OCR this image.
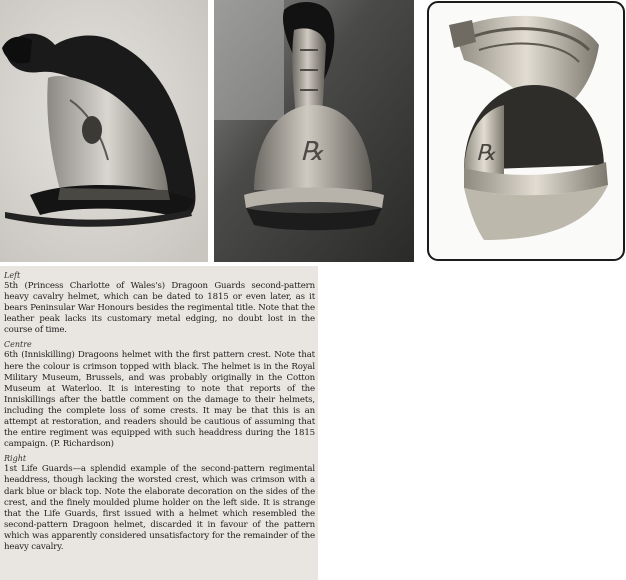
℞	℞
Left

5th (Princess Charlotte of Wales's) Dragoon Guards second-pattern heavy cavalry helmet, which can be dated to 1815 or even later, as it bears Peninsular War Honours besides the regimental title. Note that the leather peak lacks its customary metal edging, no doubt lost in the course of time.

Centre

6th (Inniskilling) Dragoons helmet with the first pattern crest. Note that here the colour is crimson topped with black. The helmet is in the Royal Military Museum, Brussels, and was probably originally in the Cotton Museum at Waterloo. It is interesting to note that reports of the Inniskillings after the battle comment on the damage to their helmets, including the complete loss of some crests. It may be that this is an attempt at restoration, and readers should be cautious of assuming that the entire regiment was equipped with such headdress during the 1815 campaign. (P. Richardson)

Right

1st Life Guards—a splendid example of the second-pattern regimental headdress, though lacking the worsted crest, which was crimson with a dark blue or black top. Note the elaborate decoration on the sides of the crest, and the finely moulded plume holder on the left side. It is strange that the Life Guards, first issued with a helmet which resembled the second-pattern Dragoon helmet, discarded it in favour of the pattern which was apparently considered unsatisfactory for the remainder of the heavy cavalry.
